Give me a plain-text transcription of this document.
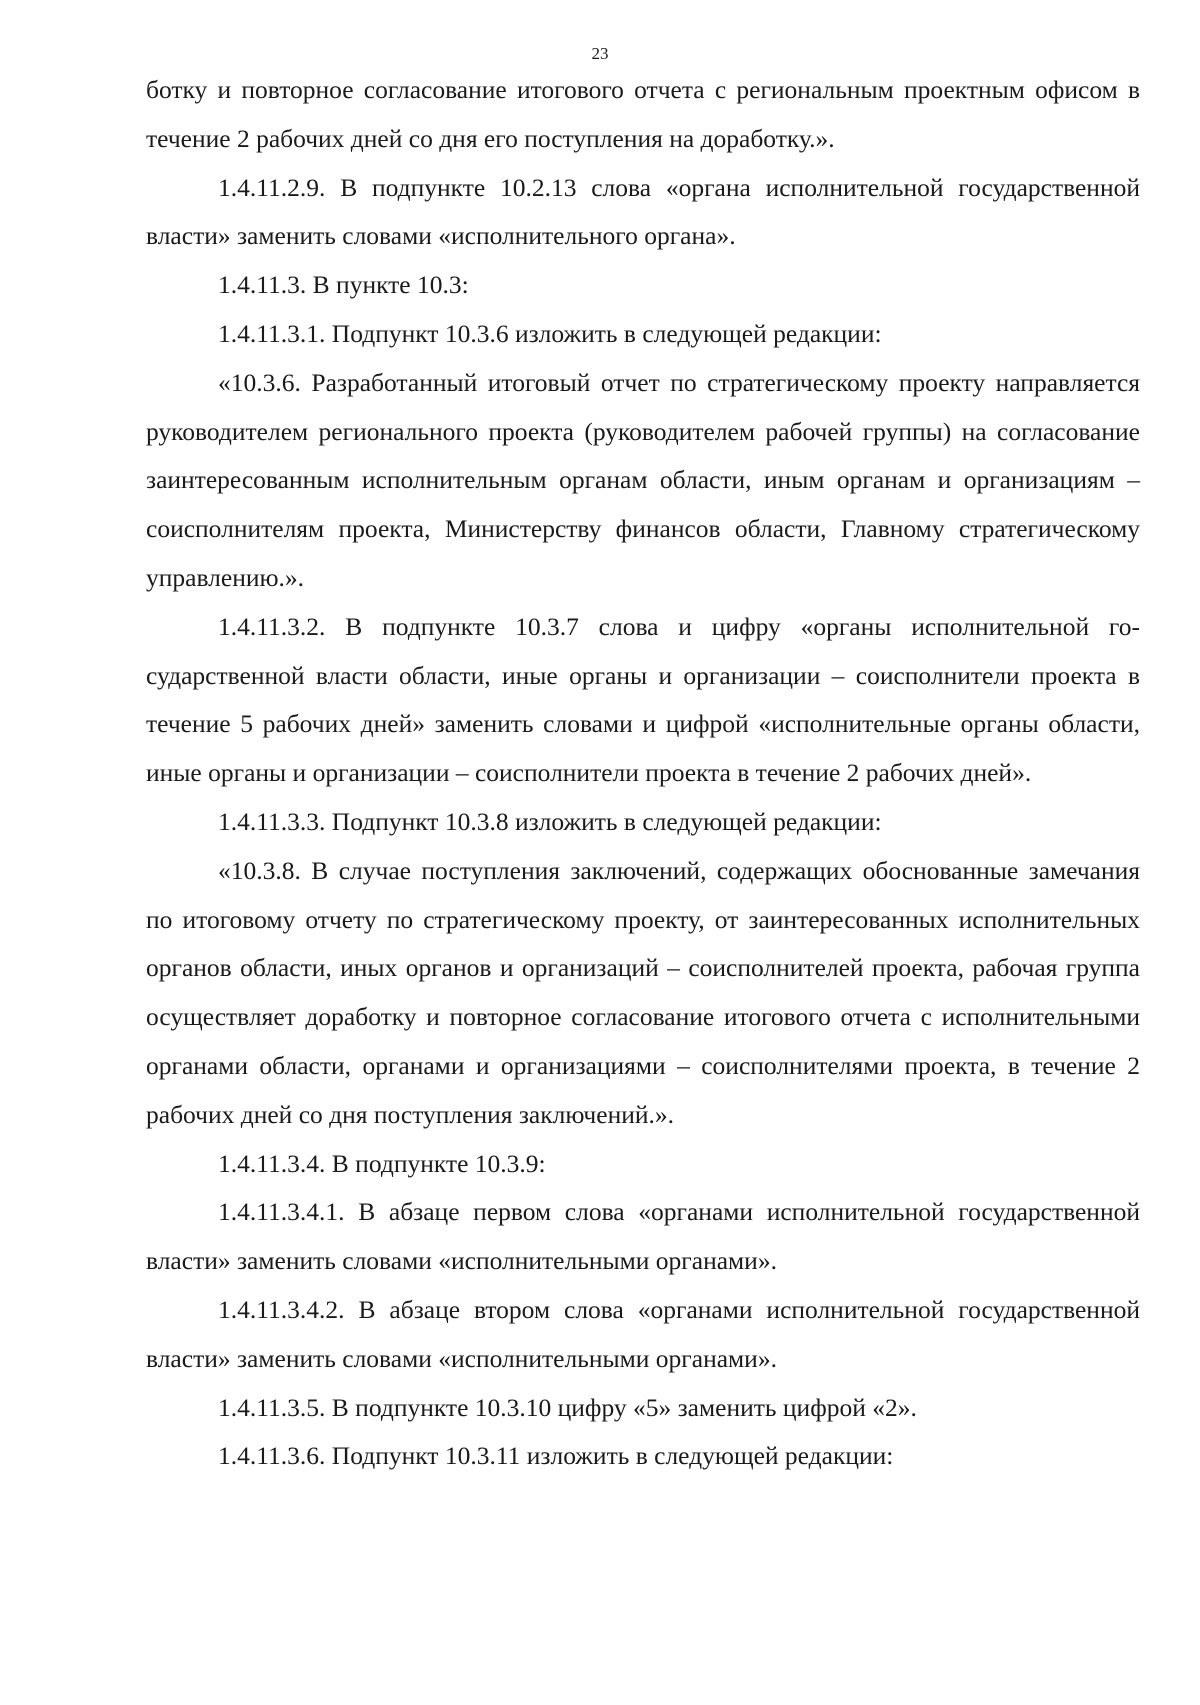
23

ботку и повторное согласование итогового отчета с региональным проектным офисом в течение 2 рабочих дней со дня его поступления на доработку.».

1.4.11.2.9. В подпункте 10.2.13 слова «органа исполнительной государственной власти» заменить словами «исполнительного органа».

1.4.11.3. В пункте 10.3:

1.4.11.3.1. Подпункт 10.3.6 изложить в следующей редакции:

«10.3.6. Разработанный итоговый отчет по стратегическому проекту направляется руководителем регионального проекта (руководителем рабочей группы) на согласование заинтересованным исполнительным органам области, иным органам и организациям – соисполнителям проекта, Министерству финансов области, Главному стратегическому управлению.».

1.4.11.3.2. В подпункте 10.3.7 слова и цифру «органы исполнительной государственной власти области, иные органы и организации – соисполнители проекта в течение 5 рабочих дней» заменить словами и цифрой «исполнительные органы области, иные органы и организации – соисполнители проекта в течение 2 рабочих дней».

1.4.11.3.3. Подпункт 10.3.8 изложить в следующей редакции:

«10.3.8. В случае поступления заключений, содержащих обоснованные замечания по итоговому отчету по стратегическому проекту, от заинтересованных исполнительных органов области, иных органов и организаций – соисполнителей проекта, рабочая группа осуществляет доработку и повторное согласование итогового отчета с исполнительными органами области, органами и организациями – соисполнителями проекта, в течение 2 рабочих дней со дня поступления заключений.».

1.4.11.3.4. В подпункте 10.3.9:

1.4.11.3.4.1. В абзаце первом слова «органами исполнительной государственной власти» заменить словами «исполнительными органами».

1.4.11.3.4.2. В абзаце втором слова «органами исполнительной государственной власти» заменить словами «исполнительными органами».

1.4.11.3.5. В подпункте 10.3.10 цифру «5» заменить цифрой «2».

1.4.11.3.6. Подпункт 10.3.11 изложить в следующей редакции:
